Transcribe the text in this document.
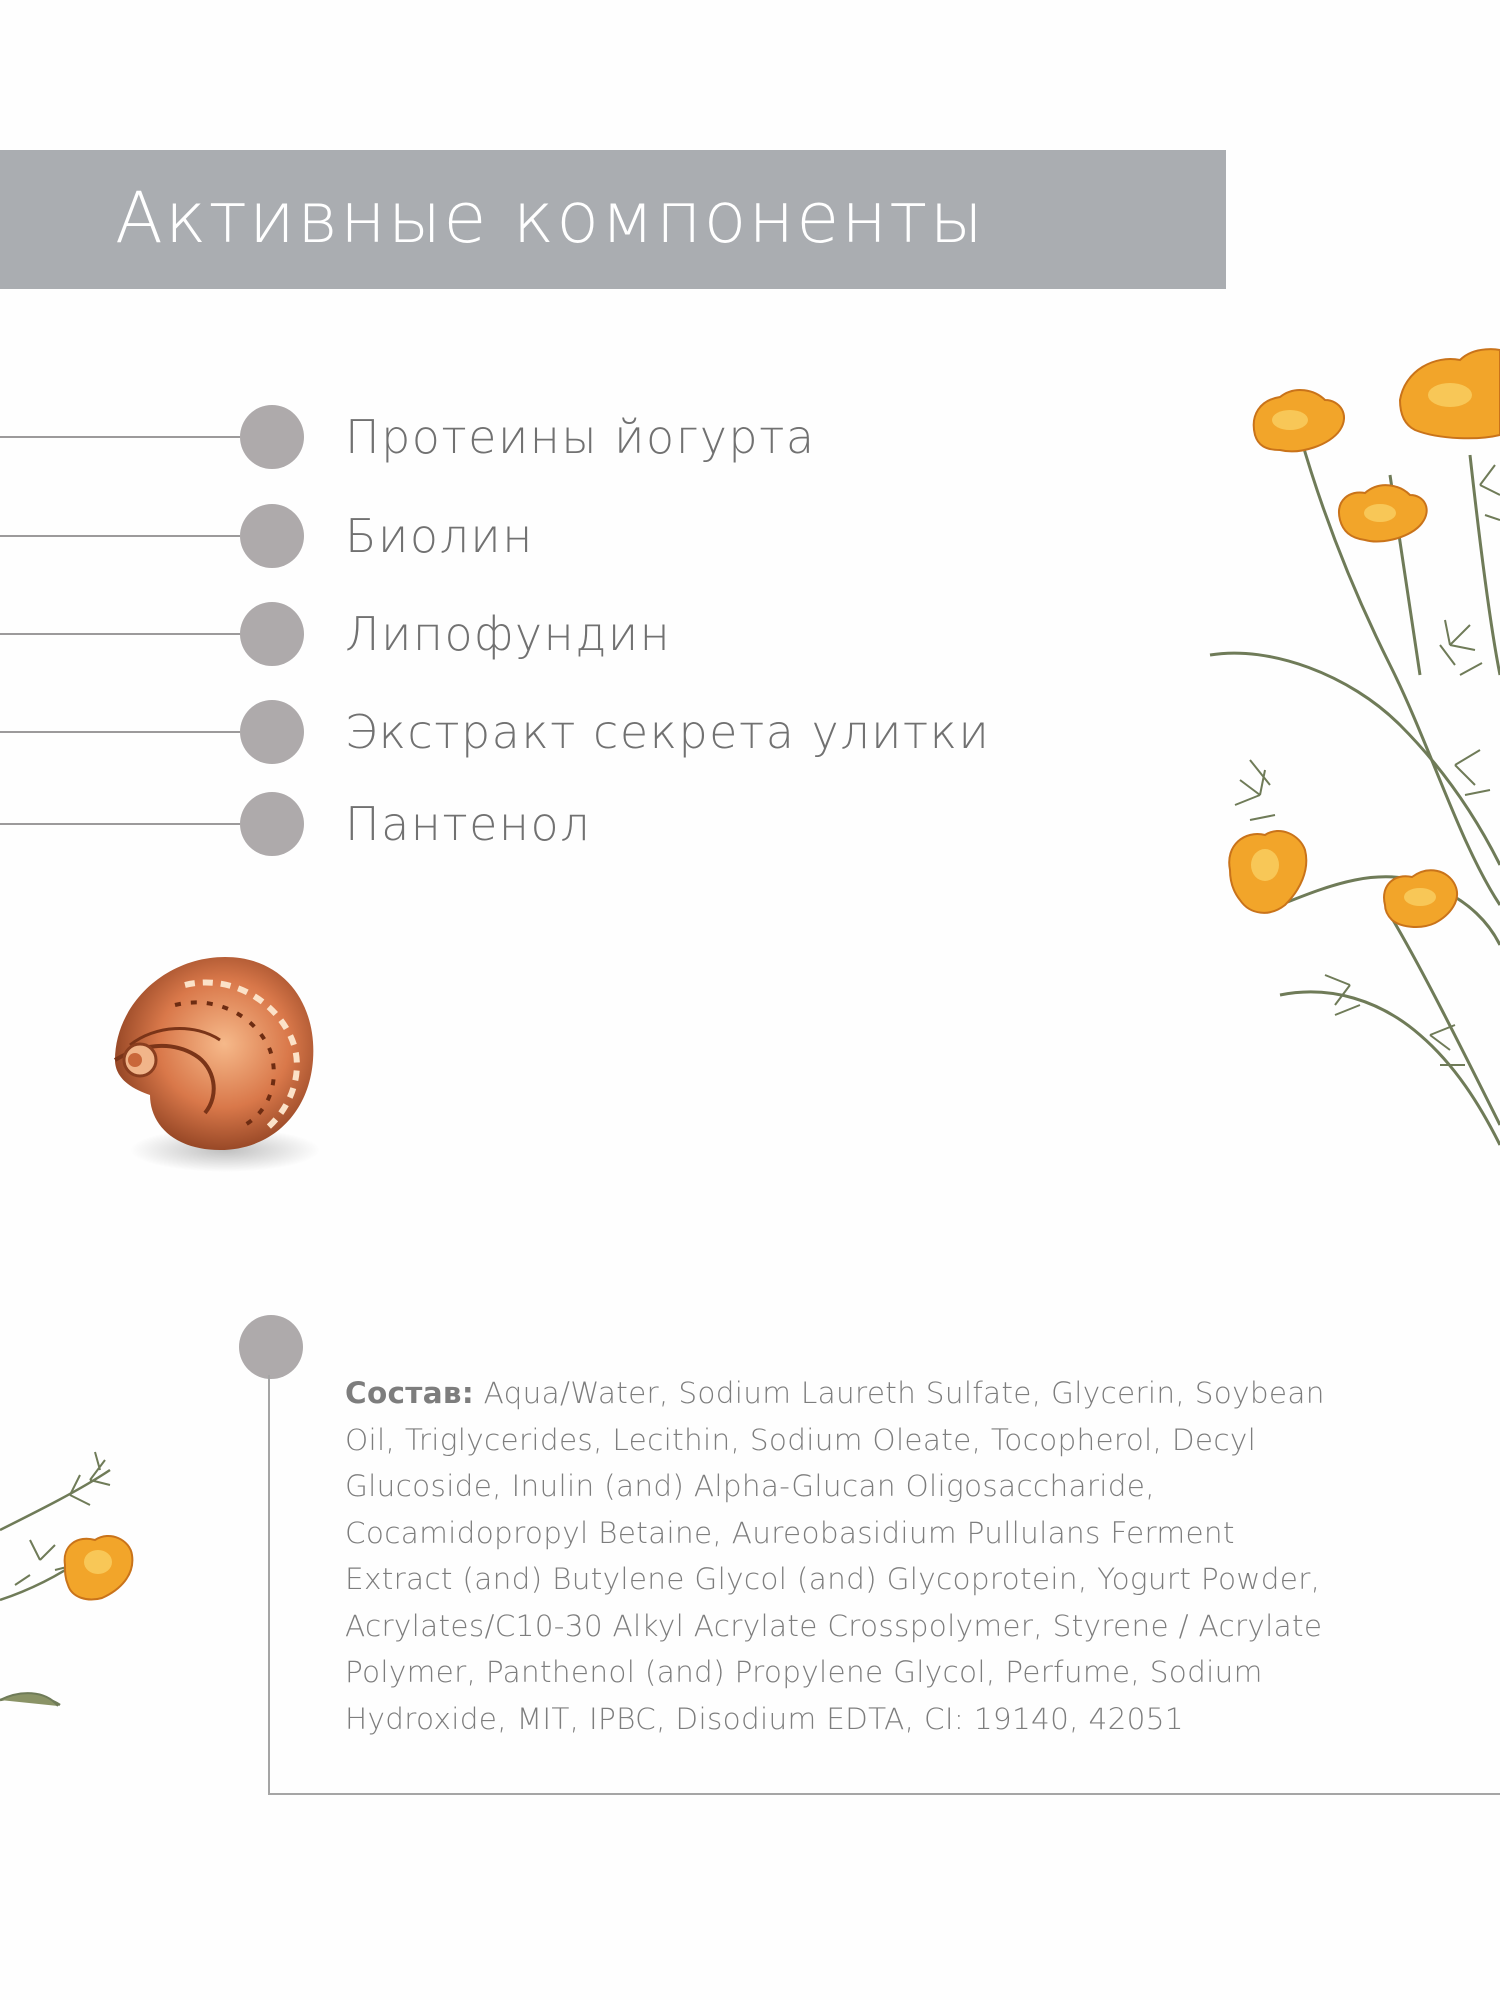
Активные компоненты
Протеины йогурта
Биолин
Липофундин
Экстракт секрета улитки
Пантенол

Состав: Aqua/Water, Sodium Laureth Sulfate, Glycerin, Soybean Oil, Triglycerides, Lecithin, Sodium Oleate, Tocopherol, Decyl Glucoside, Inulin (and) Alpha-Glucan Oligosaccharide, Cocamidopropyl Betaine, Aureobasidium Pullulans Ferment Extract (and) Butylene Glycol (and) Glycoprotein, Yogurt Powder, Acrylates/C10-30 Alkyl Acrylate Crosspolymer, Styrene / Acrylate Polymer, Panthenol (and) Propylene Glycol, Perfume, Sodium Hydroxide, MIT, IPBC, Disodium EDTA, CI: 19140, 42051
